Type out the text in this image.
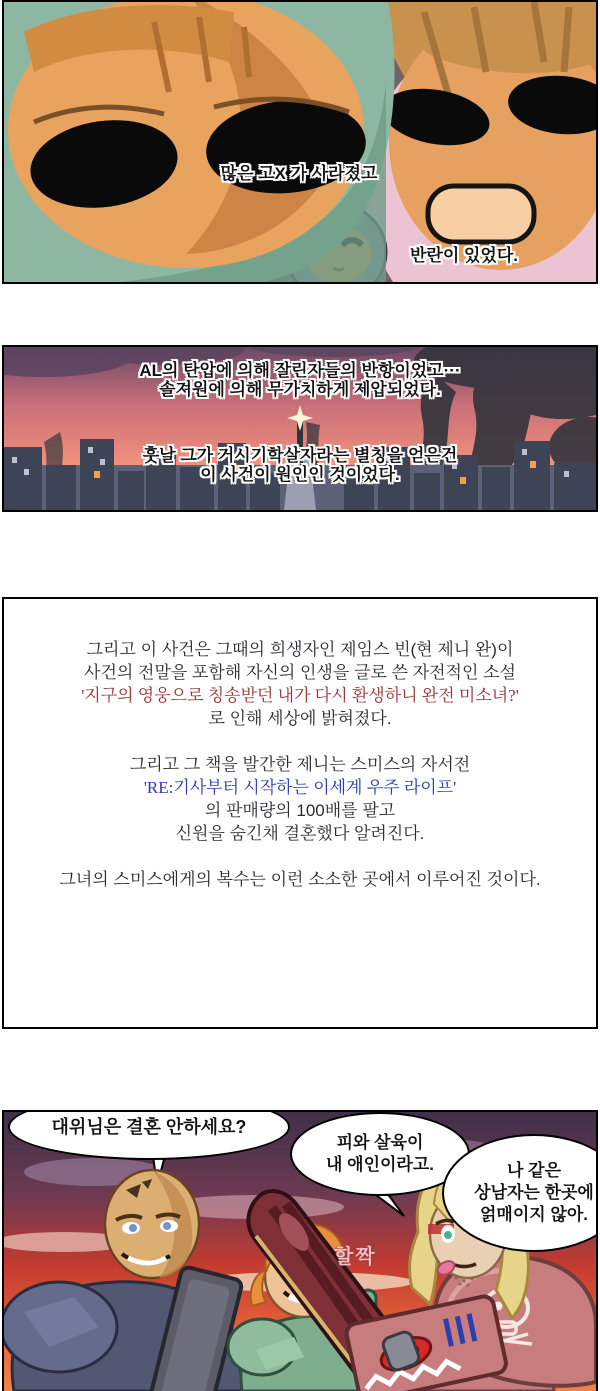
많은 고X 가 사라졌고
반란이 있었다.
AL의 탄압에 의해 잘린자들의 반항이었고···
솔져원에 의해 무가치하게 제압되었다.
훗날 그가 거시기학살자라는 별칭을 얻은건
이 사건이 원인인 것이었다.
그리고 이 사건은 그때의 희생자인 제임스 빈(현 제니 완)이
사건의 전말을 포함해 자신의 인생을 글로 쓴 자전적인 소설
'지구의 영웅으로 칭송받던 내가 다시 환생하니 완전 미소녀?'
로 인해 세상에 밝혀졌다.
그리고 그 책을 발간한 제니는 스미스의 자서전
'RE:기사부터 시작하는 이세계 우주 라이프'
의 판매량의 100배를 팔고
신원을 숨긴채 결혼했다 알려진다.
그녀의 스미스에게의 복수는 이런 소소한 곳에서 이루어진 것이다.
대위님은 결혼 안하세요?
피와 살육이
내 애인이라고.	나 같은
상남자는 한곳에
얽매이지 않아.
할짝
